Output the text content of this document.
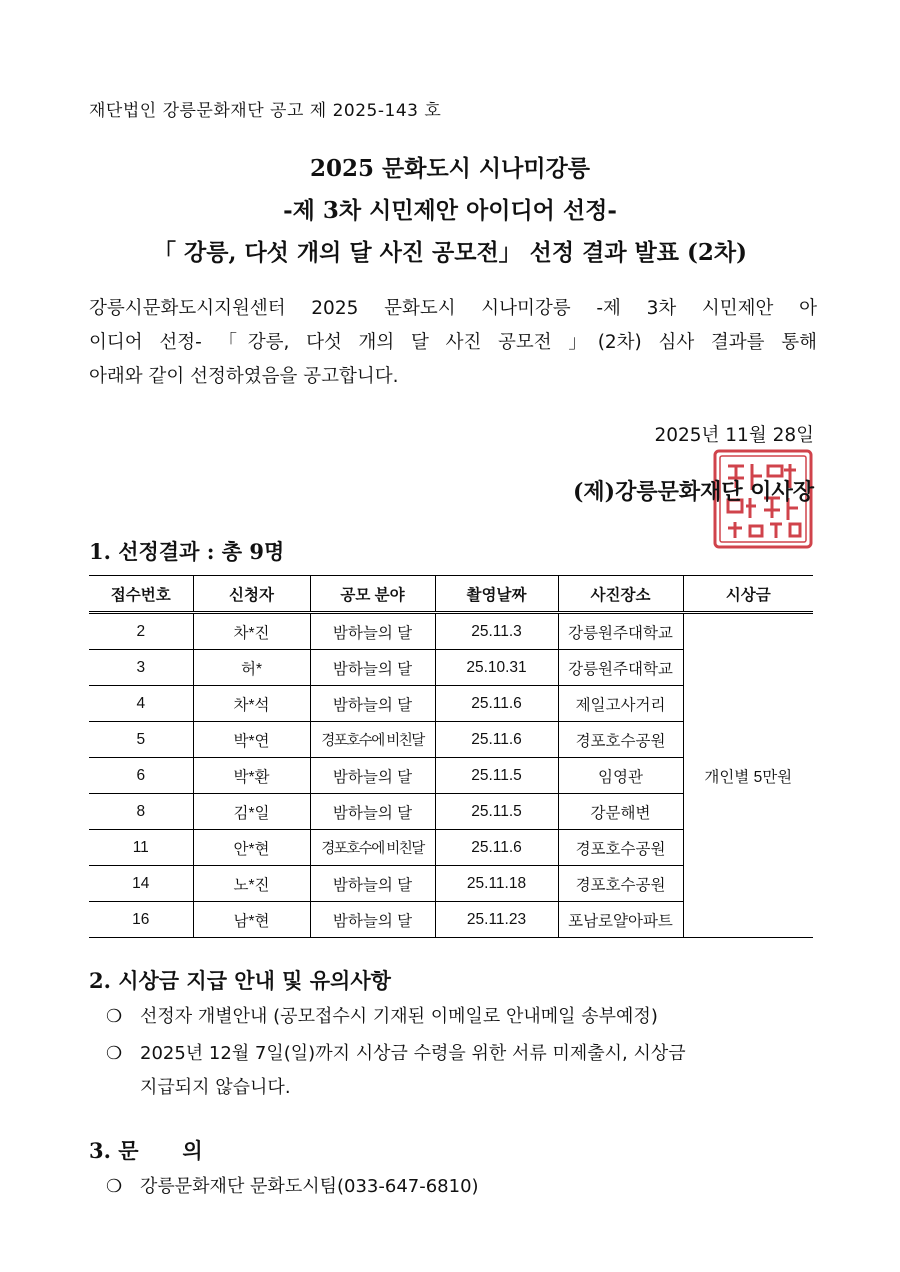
재단법인 강릉문화재단 공고 제 2025-143 호
2025 문화도시 시나미강릉
-제 3차 시민제안 아이디어 선정-
「 강릉, 다섯 개의 달 사진 공모전」 선정 결과 발표 (2차)
강릉시문화도시지원센터 2025 문화도시 시나미강릉 -제 3차 시민제안 아
이디어 선정- 「강릉, 다섯 개의 달 사진 공모전 」(2차) 심사 결과를 통해
아래와 같이 선정하였음을 공고합니다.
2025년 11월 28일
(제)강릉문화재단 이사장
1. 선정결과 : 총 9명
접수번호	신청자	공모 분야	촬영날짜	사진장소	시상금
2	차*진	밤하늘의 달	25.11.3	강릉원주대학교	개인별 5만원
3	허*	밤하늘의 달	25.10.31	강릉원주대학교	
4	차*석	밤하늘의 달	25.11.6	제일고사거리	
5	박*연	경포호수에 비친달	25.11.6	경포호수공원	
6	박*환	밤하늘의 달	25.11.5	임영관	
8	김*일	밤하늘의 달	25.11.5	강문해변	
11	안*현	경포호수에 비친달	25.11.6	경포호수공원	
14	노*진	밤하늘의 달	25.11.18	경포호수공원	
16	남*현	밤하늘의 달	25.11.23	포남로얄아파트	
2. 시상금 지급 안내 및 유의사항
❍ 선정자 개별안내 (공모접수시 기재된 이메일로 안내메일 송부예정)
❍ 2025년 12월 7일(일)까지 시상금 수령을 위한 서류 미제출시, 시상금
지급되지 않습니다.
3. 문      의
❍ 강릉문화재단 문화도시팀(033-647-6810)
